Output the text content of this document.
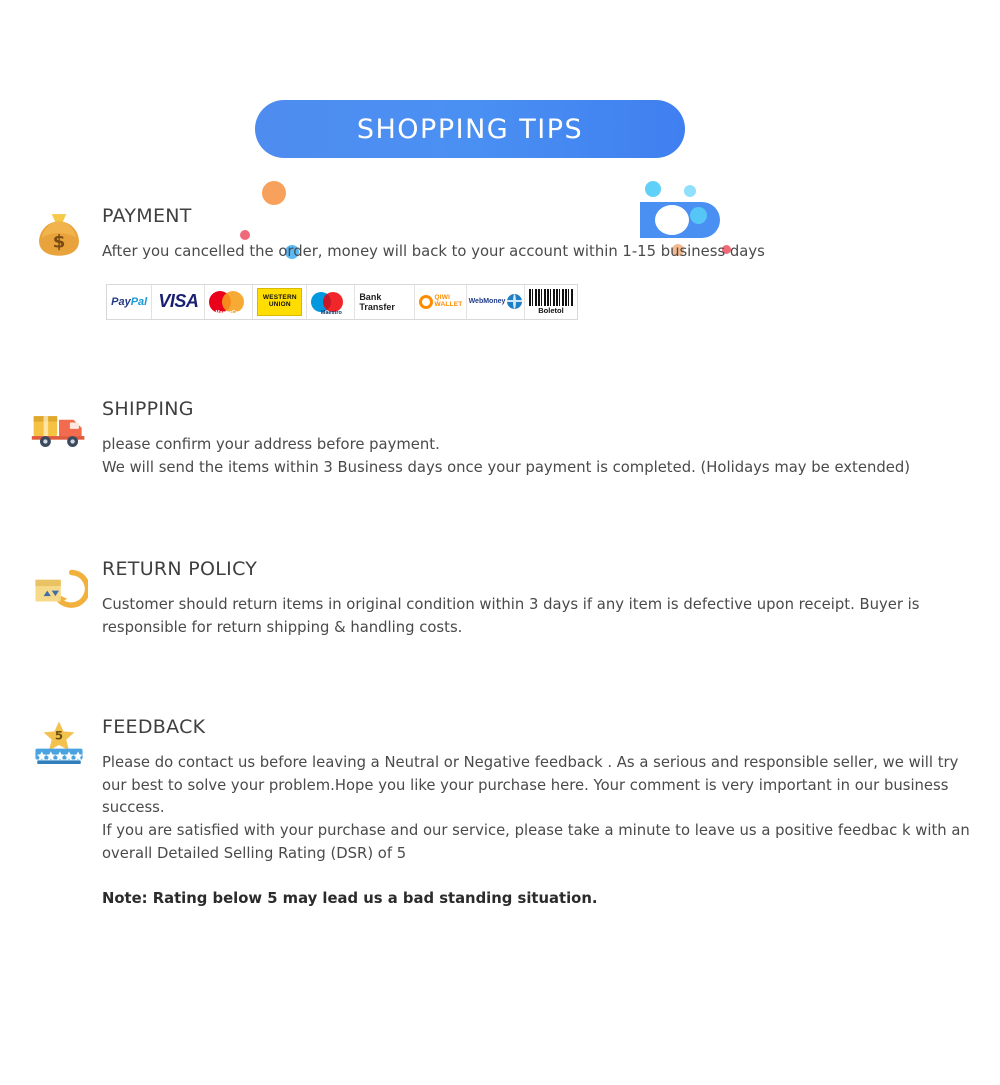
SHOPPING TIPS
$
PAYMENT

After you cancelled the order, money will back to your account within 1-15 business days

PayPal VISA
MasterCard
WESTERN
UNION
Maestro
Bank Transfer
QIWI
WALLET WebMoney
Boletol
SHIPPING

please confirm your address before payment.

We will send the items within 3 Business days once your payment is completed. (Holidays may be extended)

RETURN POLICY

Customer should return items in original condition within 3 days if any item is defective upon receipt. Buyer is responsible for return shipping & handling costs.

5 FEEDBACK

Please do contact us before leaving a Neutral or Negative feedback . As a serious and responsible seller, we will try our best to solve your problem.Hope you like your purchase here. Your comment is very important in our business success.

If you are satisfied with your purchase and our service, please take a minute to leave us a positive feedbac k with an overall Detailed Selling Rating (DSR) of 5

Note: Rating below 5 may lead us a bad standing situation.
